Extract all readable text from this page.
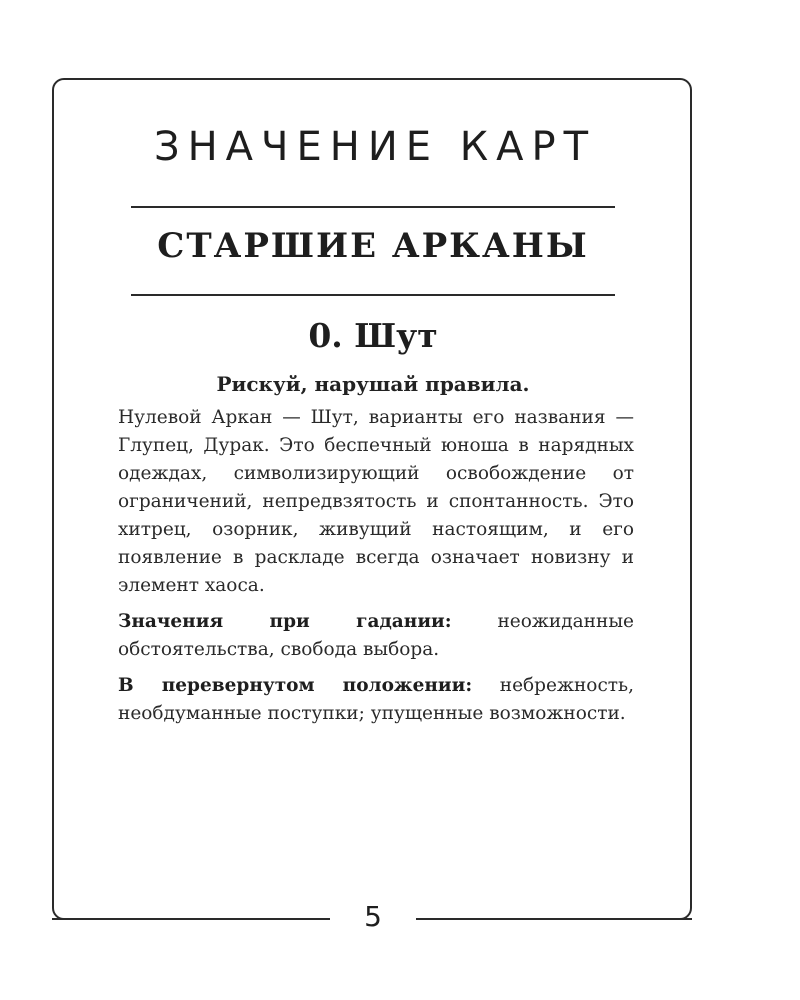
ЗНАЧЕНИЕ КАРТ
СТАРШИЕ АРКАНЫ
0. Шут
Рискуй, нарушай правила.

Нулевой Аркан — Шут, варианты его названия — Глупец, Дурак. Это беспечный юноша в нарядных одеждах, символизирующий освобождение от ограничений, непредвзятость и спонтанность. Это хитрец, озорник, живущий настоящим, и его появление в раскладе всегда означает новизну и элемент хаоса.

Значения при гадании: неожиданные обстоятельства, свобода выбора.

В перевернутом положении: небрежность, необдуманные поступки; упущенные возможности.

5
